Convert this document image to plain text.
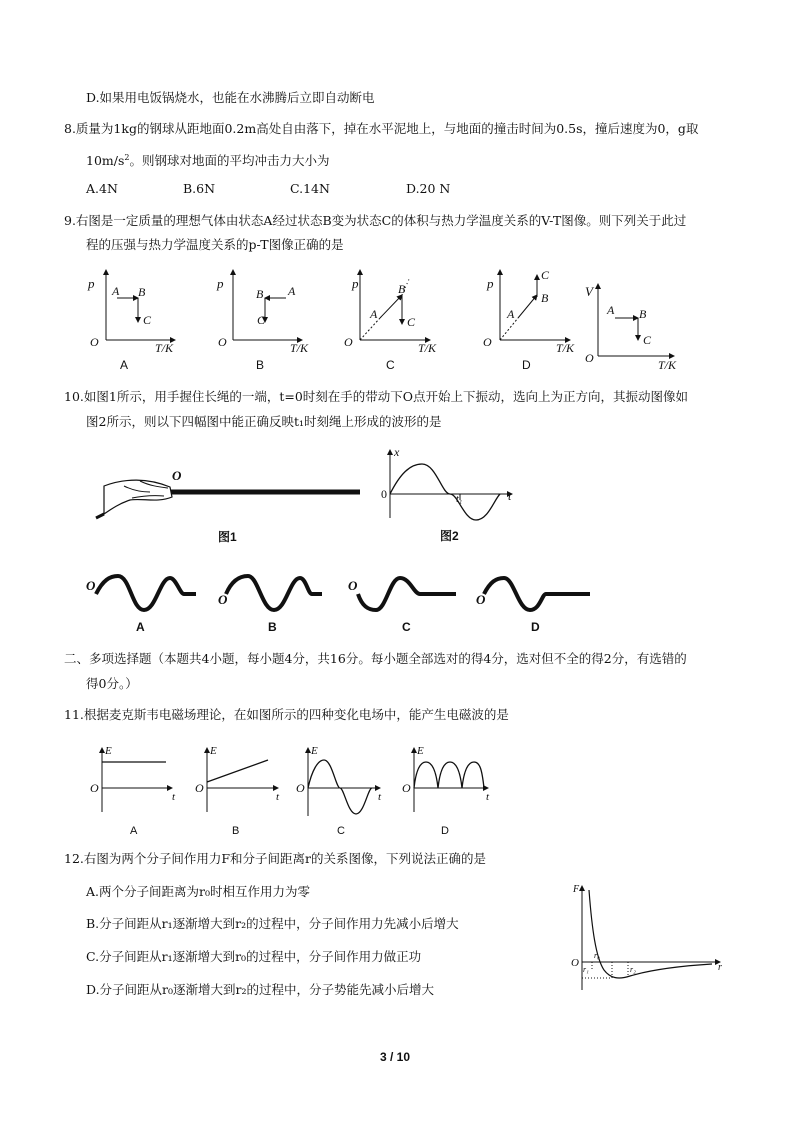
D.如果用电饭锅烧水，也能在水沸腾后立即自动断电
8.质量为1kg的钢球从距地面0.2m高处自由落下，掉在水平泥地上，与地面的撞击时间为0.5s，撞后速度为0，g取
$10m/s^2$。则钢球对地面的平均冲击力大小为
A.4N	B.6N	C.14N	D.20 N
9.右图是一定质量的理想气体由状态A经过状态B变为状态C的体积与热力学温度关系的V-T图像。则下列关于此过
程的压强与热力学温度关系的p-T图像正确的是
p A B
C
O	T/K
p
B A
C
O	T/K
p
A
B
C
O	T/K
p
A
B
C
O	T/K
V
A B
C
O	T/K
A	B	C	D
10.如图1所示，用手握住长绳的一端，t=0时刻在手的带动下O点开始上下振动，选向上为正方向，其振动图像如
图2所示，则以下四幅图中能正确反映t₁时刻绳上形成的波形的是
O
x
0	t₁	t
O
O
O
O
图1	图2
A	B	C	D
二、多项选择题（本题共4小题，每小题4分，共16分。每小题全部选对的得4分，选对但不全的得2分，有选错的
得0分。）
11.根据麦克斯韦电磁场理论，在如图所示的四种变化电场中，能产生电磁波的是
E
O
t
E
O
t
E
O
t
E
O
t
A	B	C	D
12.右图为两个分子间作用力F和分子间距离r的关系图像，下列说法正确的是
A.两个分子间距离为r₀时相互作用力为零
B.分子间距从r₁逐渐增大到r₂的过程中，分子间作用力先减小后增大
C.分子间距从r₁逐渐增大到r₀的过程中，分子间作用力做正功
D.分子间距从r₀逐渐增大到r₂的过程中，分子势能先减小后增大
F
O
r₀
r₁	r₂	r
3 / 10
